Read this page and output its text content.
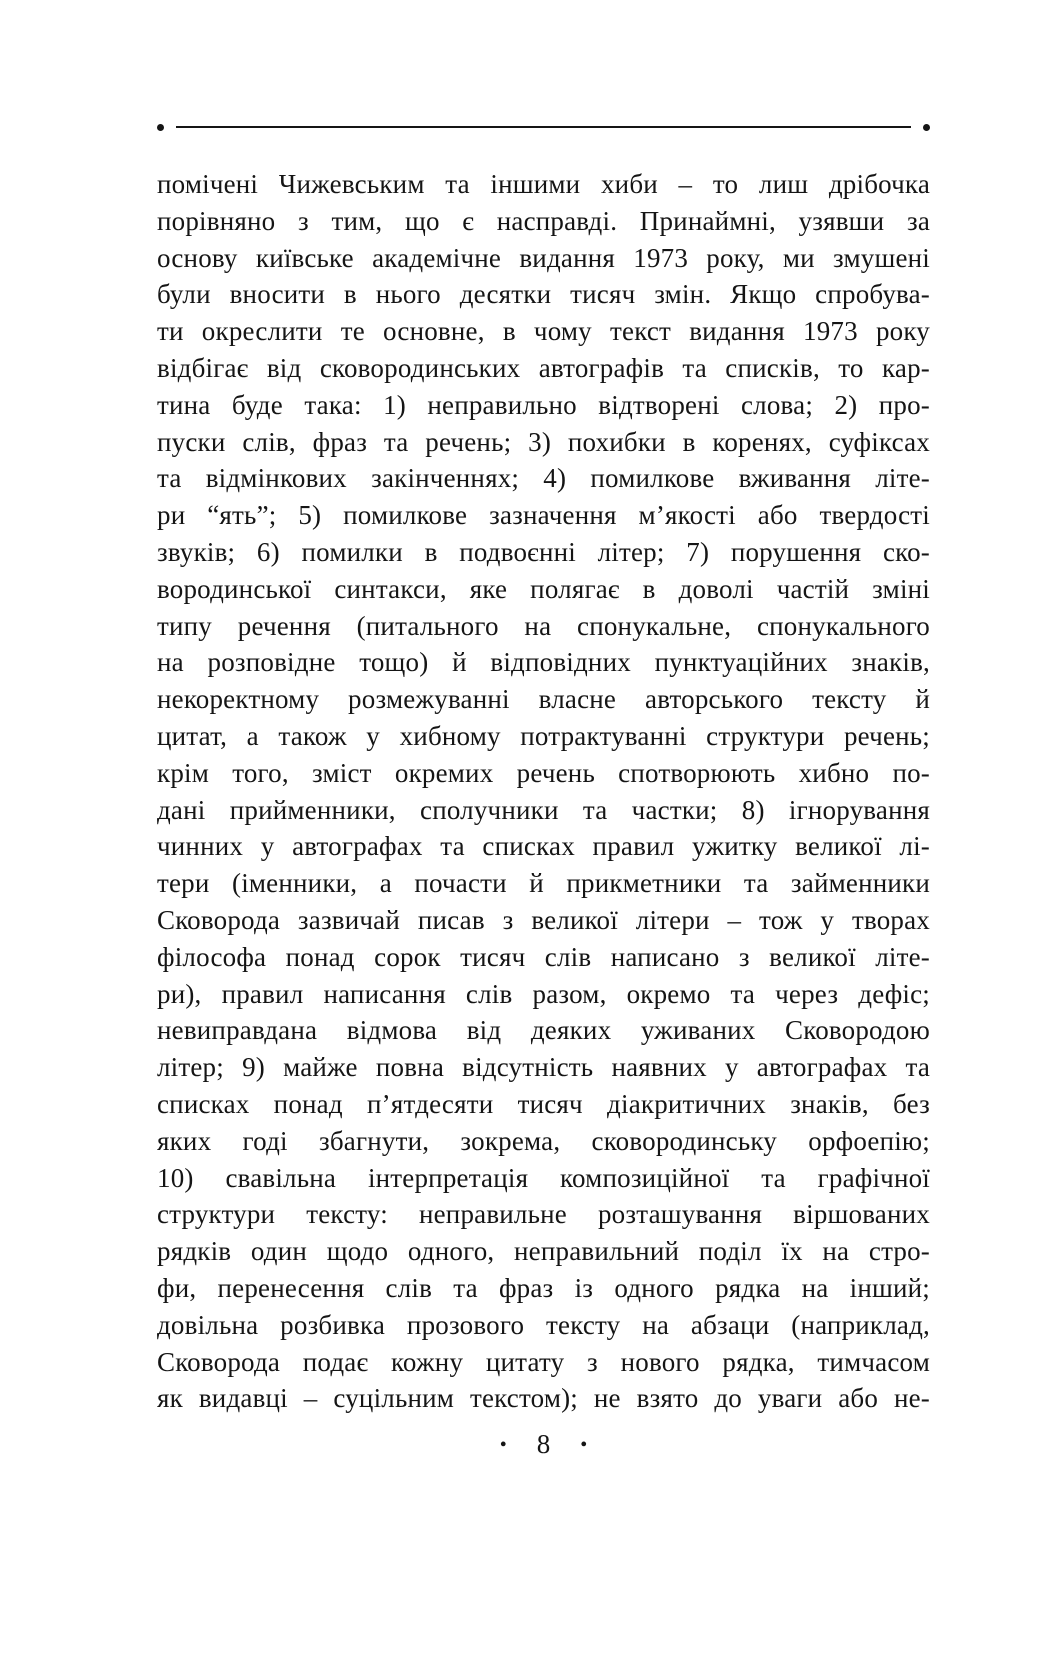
помічені Чижевським та іншими хиби – то лиш дрібочка
порівняно з тим, що є насправді. Принаймні, узявши за
основу київське академічне видання 1973 року, ми змушені
були вносити в нього десятки тисяч змін. Якщо спробува-
ти окреслити те основне, в чому текст видання 1973 року
відбігає від сковородинських автографів та списків, то кар-
тина буде така: 1) неправильно відтворені слова; 2) про-
пуски слів, фраз та речень; 3) похибки в коренях, суфіксах
та відмінкових закінченнях; 4) помилкове вживання літе-
ри “ять”; 5) помилкове зазначення м’якості або твердості
звуків; 6) помилки в подвоєнні літер; 7) порушення ско-
вородинської синтакси, яке полягає в доволі частій зміні
типу речення (питального на спонукальне, спонукального
на розповідне тощо) й відповідних пунктуаційних знаків,
некоректному розмежуванні власне авторського тексту й
цитат, а також у хибному потрактуванні структури речень;
крім того, зміст окремих речень спотворюють хибно по-
дані прийменники, сполучники та частки; 8) ігнорування
чинних у автографах та списках правил ужитку великої лі-
тери (іменники, а почасти й прикметники та займенники
Сковорода зазвичай писав з великої літери – тож у творах
філософа понад сорок тисяч слів написано з великої літе-
ри), правил написання слів разом, окремо та через дефіс;
невиправдана відмова від деяких уживаних Сковородою
літер; 9) майже повна відсутність наявних у автографах та
списках понад п’ятдесяти тисяч діакритичних знаків, без
яких годі збагнути, зокрема, сковородинську орфоепію;
10) свавільна інтерпретація композиційної та графічної
структури тексту: неправильне розташування віршованих
рядків один щодо одного, неправильний поділ їх на стро-
фи, перенесення слів та фраз із одного рядка на інший;
довільна розбивка прозового тексту на абзаци (наприклад,
Сковорода подає кожну цитату з нового рядка, тимчасом
як видавці – суцільним текстом); не взято до уваги або не-
• 8 •
